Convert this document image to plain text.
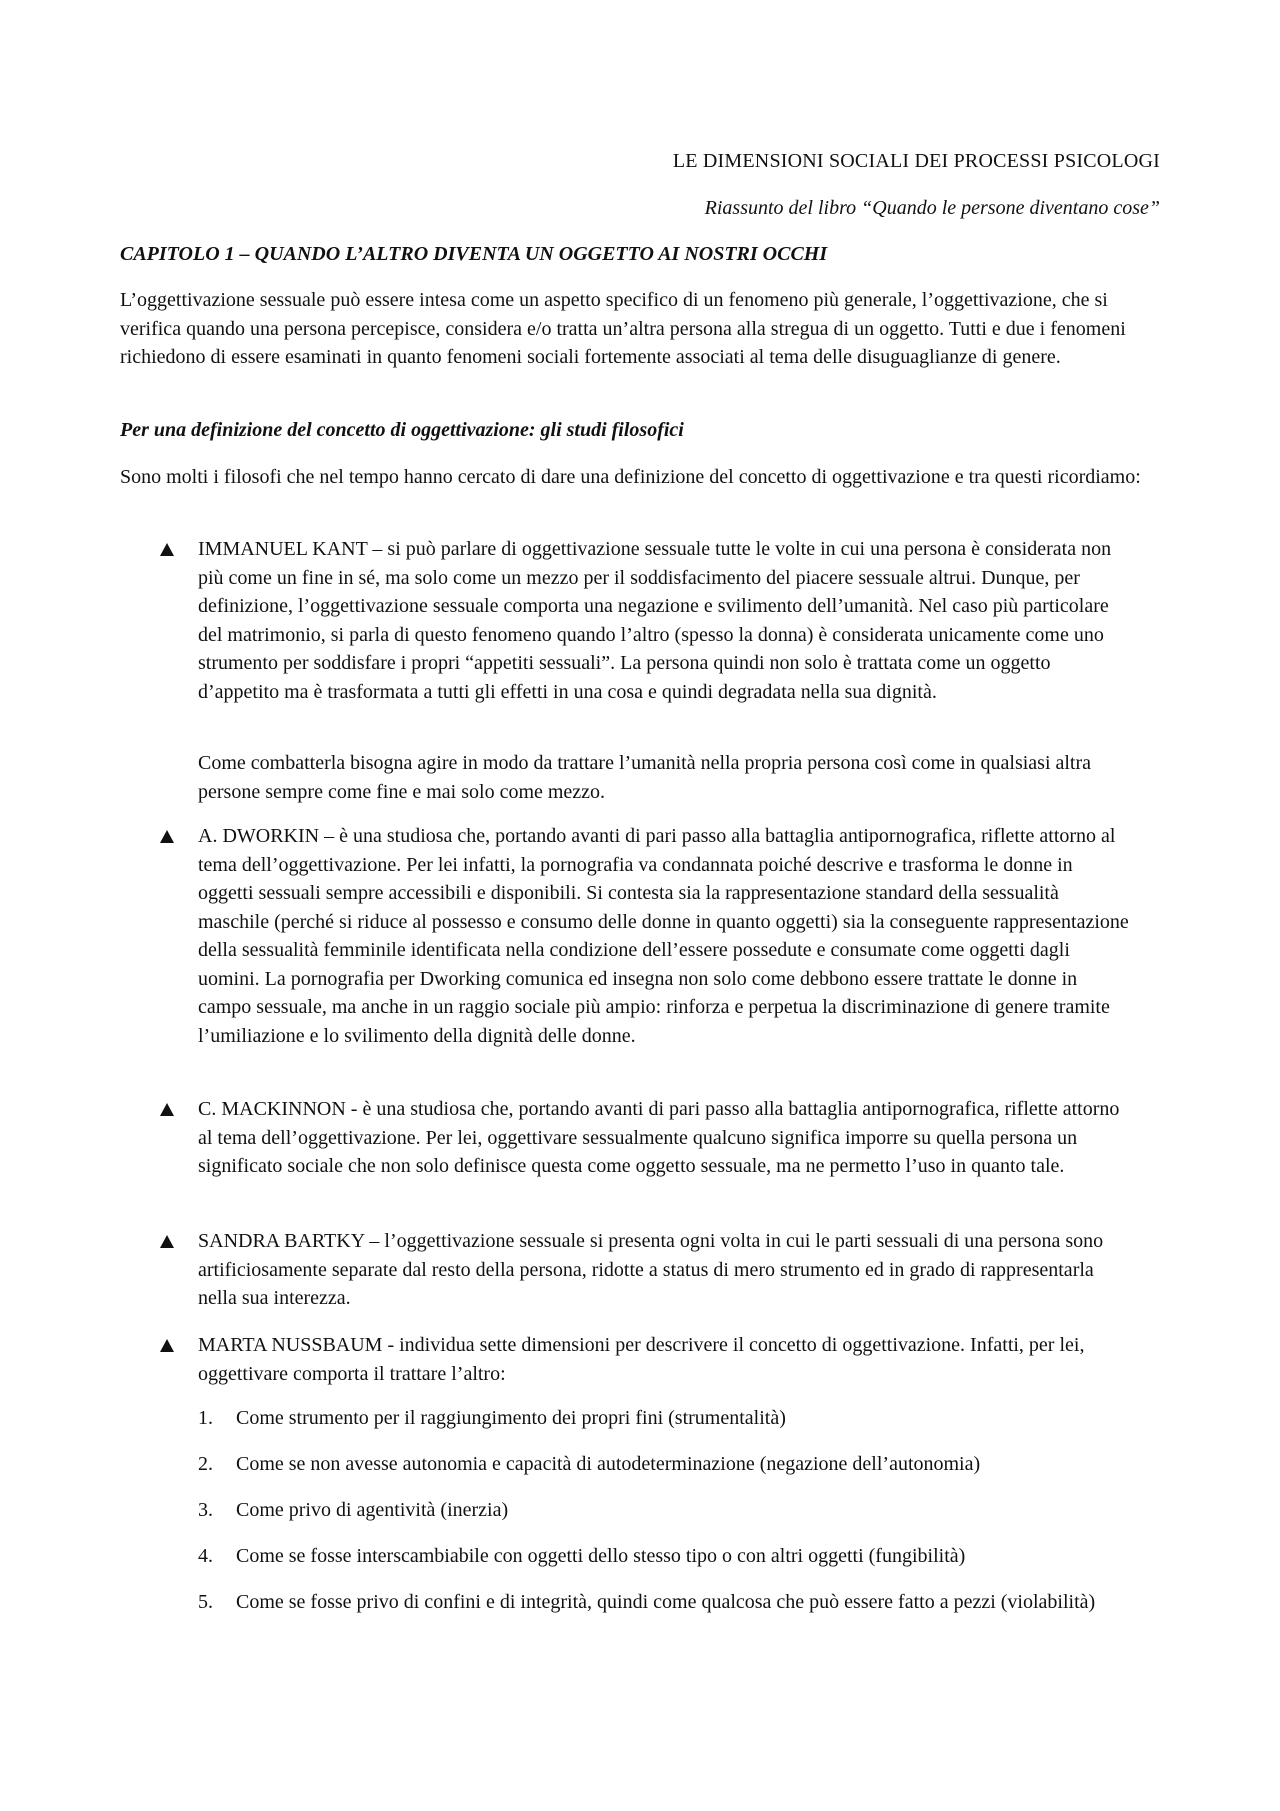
LE DIMENSIONI SOCIALI DEI PROCESSI PSICOLOGI
Riassunto del libro “Quando le persone diventano cose”
CAPITOLO 1 – QUANDO L’ALTRO DIVENTA UN OGGETTO AI NOSTRI OCCHI

L’oggettivazione sessuale può essere intesa come un aspetto specifico di un fenomeno più generale, l’oggettivazione, che si verifica quando una persona percepisce, considera e/o tratta un’altra persona alla stregua di un oggetto. Tutti e due i fenomeni richiedono di essere esaminati in quanto fenomeni sociali fortemente associati al tema delle disuguaglianze di genere.

Per una definizione del concetto di oggettivazione: gli studi filosofici

Sono molti i filosofi che nel tempo hanno cercato di dare una definizione del concetto di oggettivazione e tra questi ricordiamo:

IMMANUEL KANT – si può parlare di oggettivazione sessuale tutte le volte in cui una persona è considerata non più come un fine in sé, ma solo come un mezzo per il soddisfacimento del piacere sessuale altrui. Dunque, per definizione, l’oggettivazione sessuale comporta una negazione e svilimento dell’umanità. Nel caso più particolare del matrimonio, si parla di questo fenomeno quando l’altro (spesso la donna) è considerata unicamente come uno strumento per soddisfare i propri “appetiti sessuali”. La persona quindi non solo è trattata come un oggetto d’appetito ma è trasformata a tutti gli effetti in una cosa e quindi degradata nella sua dignità.
Come combatterla bisogna agire in modo da trattare l’umanità nella propria persona così come in qualsiasi altra persone sempre come fine e mai solo come mezzo.
A. DWORKIN – è una studiosa che, portando avanti di pari passo alla battaglia antipornografica, riflette attorno al tema dell’oggettivazione. Per lei infatti, la pornografia va condannata poiché descrive e trasforma le donne in oggetti sessuali sempre accessibili e disponibili. Si contesta sia la rappresentazione standard della sessualità maschile (perché si riduce al possesso e consumo delle donne in quanto oggetti) sia la conseguente rappresentazione della sessualità femminile identificata nella condizione dell’essere possedute e consumate come oggetti dagli uomini. La pornografia per Dworking comunica ed insegna non solo come debbono essere trattate le donne in campo sessuale, ma anche in un raggio sociale più ampio: rinforza e perpetua la discriminazione di genere tramite l’umiliazione e lo svilimento della dignità delle donne.
C. MACKINNON - è una studiosa che, portando avanti di pari passo alla battaglia antipornografica, riflette attorno al tema dell’oggettivazione. Per lei, oggettivare sessualmente qualcuno significa imporre su quella persona un significato sociale che non solo definisce questa come oggetto sessuale, ma ne permetto l’uso in quanto tale.
SANDRA BARTKY – l’oggettivazione sessuale si presenta ogni volta in cui le parti sessuali di una persona sono artificiosamente separate dal resto della persona, ridotte a status di mero strumento ed in grado di rappresentarla nella sua interezza.
MARTA NUSSBAUM - individua sette dimensioni per descrivere il concetto di oggettivazione. Infatti, per lei, oggettivare comporta il trattare l’altro:
1. Come strumento per il raggiungimento dei propri fini (strumentalità)
2. Come se non avesse autonomia e capacità di autodeterminazione (negazione dell’autonomia)
3. Come privo di agentività (inerzia)
4. Come se fosse interscambiabile con oggetti dello stesso tipo o con altri oggetti (fungibilità)
5. Come se fosse privo di confini e di integrità, quindi come qualcosa che può essere fatto a pezzi (violabilità)
